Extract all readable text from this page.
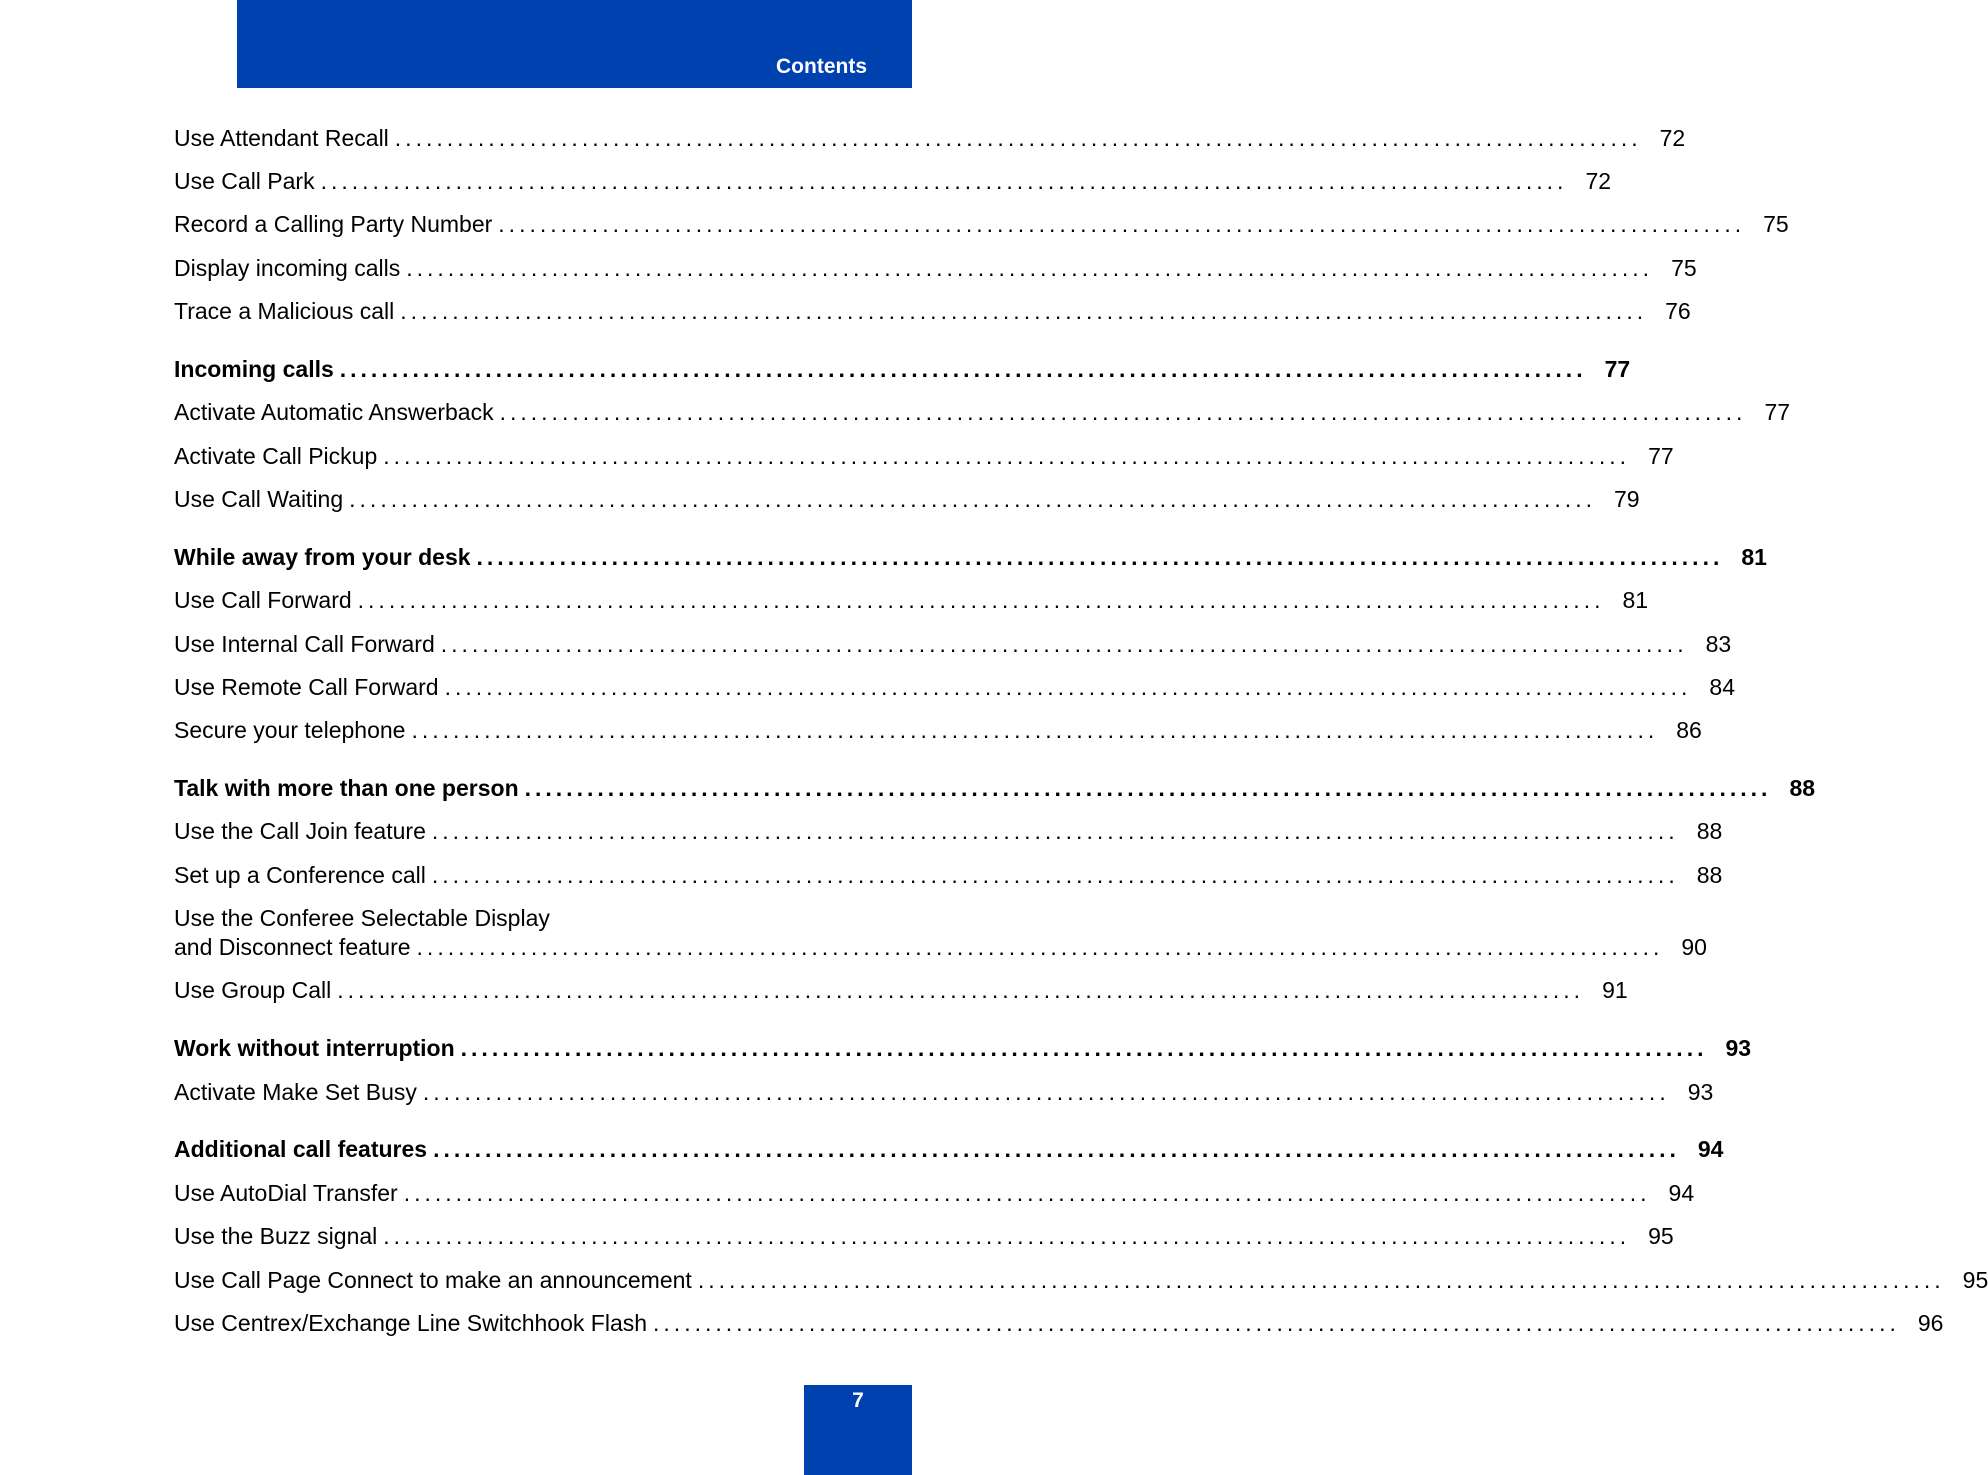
Contents
Use Attendant Recall ........................................................................................................................ 72
Use Call Park ........................................................................................................................ 72
Record a Calling Party Number ........................................................................................................................ 75
Display incoming calls ........................................................................................................................ 75
Trace a Malicious call ........................................................................................................................ 76
Incoming calls ........................................................................................................................ 77
Activate Automatic Answerback ........................................................................................................................ 77
Activate Call Pickup ........................................................................................................................ 77
Use Call Waiting ........................................................................................................................ 79
While away from your desk ........................................................................................................................ 81
Use Call Forward ........................................................................................................................ 81
Use Internal Call Forward ........................................................................................................................ 83
Use Remote Call Forward ........................................................................................................................ 84
Secure your telephone ........................................................................................................................ 86
Talk with more than one person ........................................................................................................................ 88
Use the Call Join feature ........................................................................................................................ 88
Set up a Conference call ........................................................................................................................ 88
Use the Conferee Selectable Display
and Disconnect feature ........................................................................................................................ 90
Use Group Call ........................................................................................................................ 91
Work without interruption ........................................................................................................................ 93
Activate Make Set Busy ........................................................................................................................ 93
Additional call features ........................................................................................................................ 94
Use AutoDial Transfer ........................................................................................................................ 94
Use the Buzz signal ........................................................................................................................ 95
Use Call Page Connect to make an announcement ........................................................................................................................ 95
Use Centrex/Exchange Line Switchhook Flash ........................................................................................................................ 96
7
